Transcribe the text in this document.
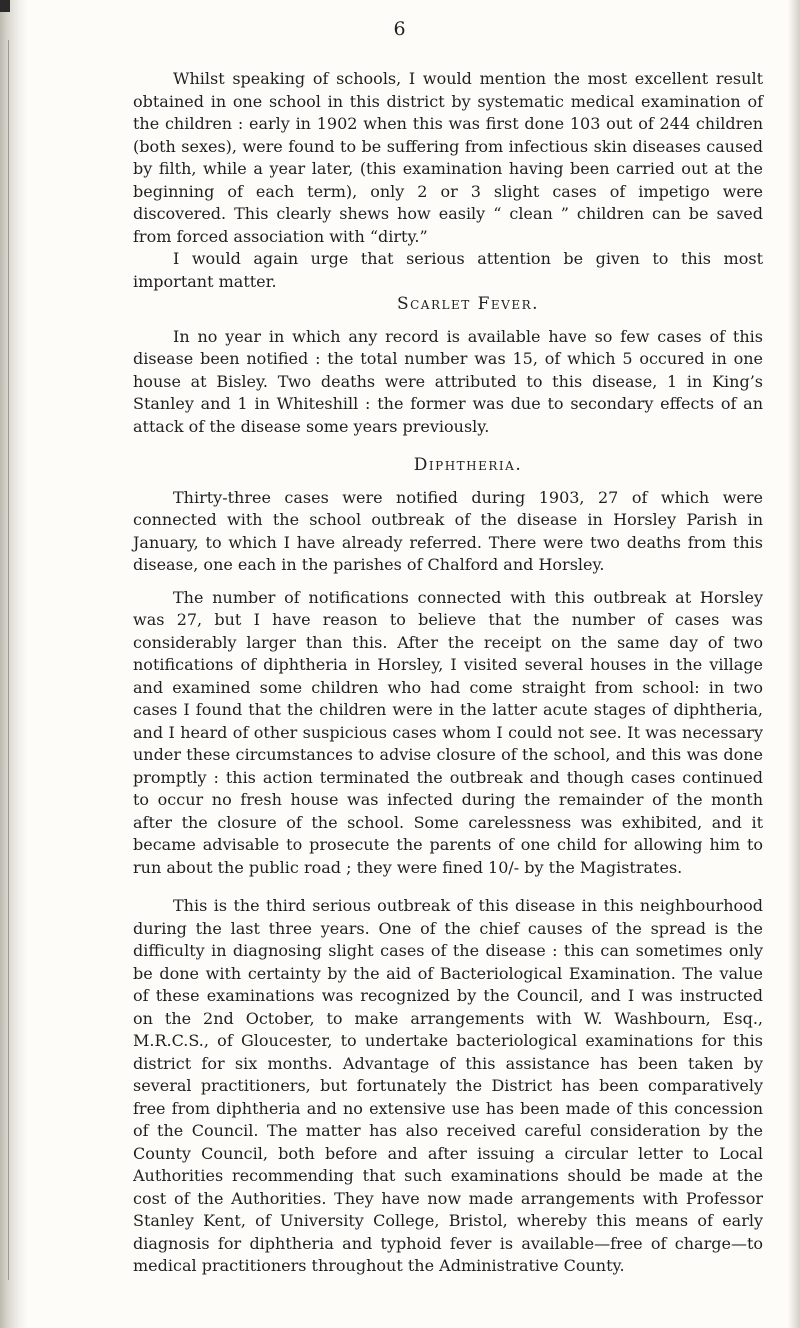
6

Whilst speaking of schools, I would mention the most excellent result obtained in one school in this district by systematic medical examination of the children : early in 1902 when this was first done 103 out of 244 children (both sexes), were found to be suffering from infectious skin diseases caused by filth, while a year later, (this examination having been carried out at the beginning of each term), only 2 or 3 slight cases of impetigo were discovered. This clearly shews how easily “ clean ” children can be saved from forced association with “dirty.”

I would again urge that serious attention be given to this most important matter.

Scarlet Fever.

In no year in which any record is available have so few cases of this disease been notified : the total number was 15, of which 5 occured in one house at Bisley. Two deaths were attributed to this disease, 1 in King’s Stanley and 1 in Whiteshill : the former was due to secondary effects of an attack of the disease some years previously.

Diphtheria.

Thirty-three cases were notified during 1903, 27 of which were connected with the school outbreak of the disease in Horsley Parish in January, to which I have already referred. There were two deaths from this disease, one each in the parishes of Chalford and Horsley.

The number of notifications connected with this outbreak at Horsley was 27, but I have reason to believe that the number of cases was considerably larger than this. After the receipt on the same day of two notifications of diphtheria in Horsley, I visited several houses in the village and examined some children who had come straight from school: in two cases I found that the children were in the latter acute stages of diphtheria, and I heard of other suspicious cases whom I could not see. It was necessary under these circumstances to advise closure of the school, and this was done promptly : this action terminated the outbreak and though cases continued to occur no fresh house was infected during the remainder of the month after the closure of the school. Some carelessness was exhibited, and it became advisable to prosecute the parents of one child for allowing him to run about the public road ; they were fined 10/- by the Magistrates.

This is the third serious outbreak of this disease in this neighbourhood during the last three years. One of the chief causes of the spread is the difficulty in diagnosing slight cases of the disease : this can sometimes only be done with certainty by the aid of Bacteriological Examination. The value of these examinations was recognized by the Council, and I was instructed on the 2nd October, to make arrangements with W. Washbourn, Esq., M.R.C.S., of Gloucester, to undertake bacteriological examinations for this district for six months. Advantage of this assistance has been taken by several practitioners, but fortunately the District has been comparatively free from diphtheria and no extensive use has been made of this concession of the Council. The matter has also received careful consideration by the County Council, both before and after issuing a circular letter to Local Authorities recommending that such examinations should be made at the cost of the Authorities. They have now made arrangements with Professor Stanley Kent, of University College, Bristol, whereby this means of early diagnosis for diphtheria and typhoid fever is available—free of charge—to medical practitioners throughout the Administrative County.
